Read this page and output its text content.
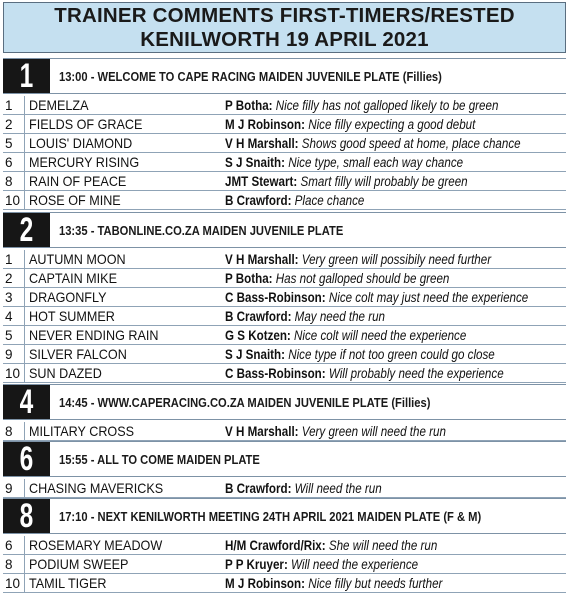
TRAINER COMMENTS FIRST-TIMERS/RESTED
KENILWORTH 19 APRIL 2021
1	13:00 - WELCOME TO CAPE RACING MAIDEN JUVENILE PLATE (Fillies)
1	DEMELZA	P Botha: Nice filly has not galloped likely to be green
2	FIELDS OF GRACE	M J Robinson: Nice filly expecting a good debut
5	LOUIS' DIAMOND	V H Marshall: Shows good speed at home, place chance
6	MERCURY RISING	S J Snaith: Nice type, small each way chance
8	RAIN OF PEACE	JMT Stewart: Smart filly will probably be green
10 ROSE OF MINE	B Crawford: Place chance
2	13:35 - TABONLINE.CO.ZA MAIDEN JUVENILE PLATE
1	AUTUMN MOON	V H Marshall: Very green will possibily need further
2	CAPTAIN MIKE	P Botha: Has not galloped should be green
3	DRAGONFLY	C Bass-Robinson: Nice colt may just need the experience
4	HOT SUMMER	B Crawford: May need the run
5	NEVER ENDING RAIN	G S Kotzen: Nice colt will need the experience
9	SILVER FALCON	S J Snaith: Nice type if not too green could go close
10 SUN DAZED	C Bass-Robinson: Will probably need the experience
4	14:45 - WWW.CAPERACING.CO.ZA MAIDEN JUVENILE PLATE (Fillies)
8	MILITARY CROSS	V H Marshall: Very green will need the run
6	15:55 - ALL TO COME MAIDEN PLATE
9	CHASING MAVERICKS	B Crawford: Will need the run
8	17:10 - NEXT KENILWORTH MEETING 24TH APRIL 2021 MAIDEN PLATE (F & M)
6	ROSEMARY MEADOW	H/M Crawford/Rix: She will need the run
8	PODIUM SWEEP	P P Kruyer: Will need the experience
10 TAMIL TIGER	M J Robinson: Nice filly but needs further
